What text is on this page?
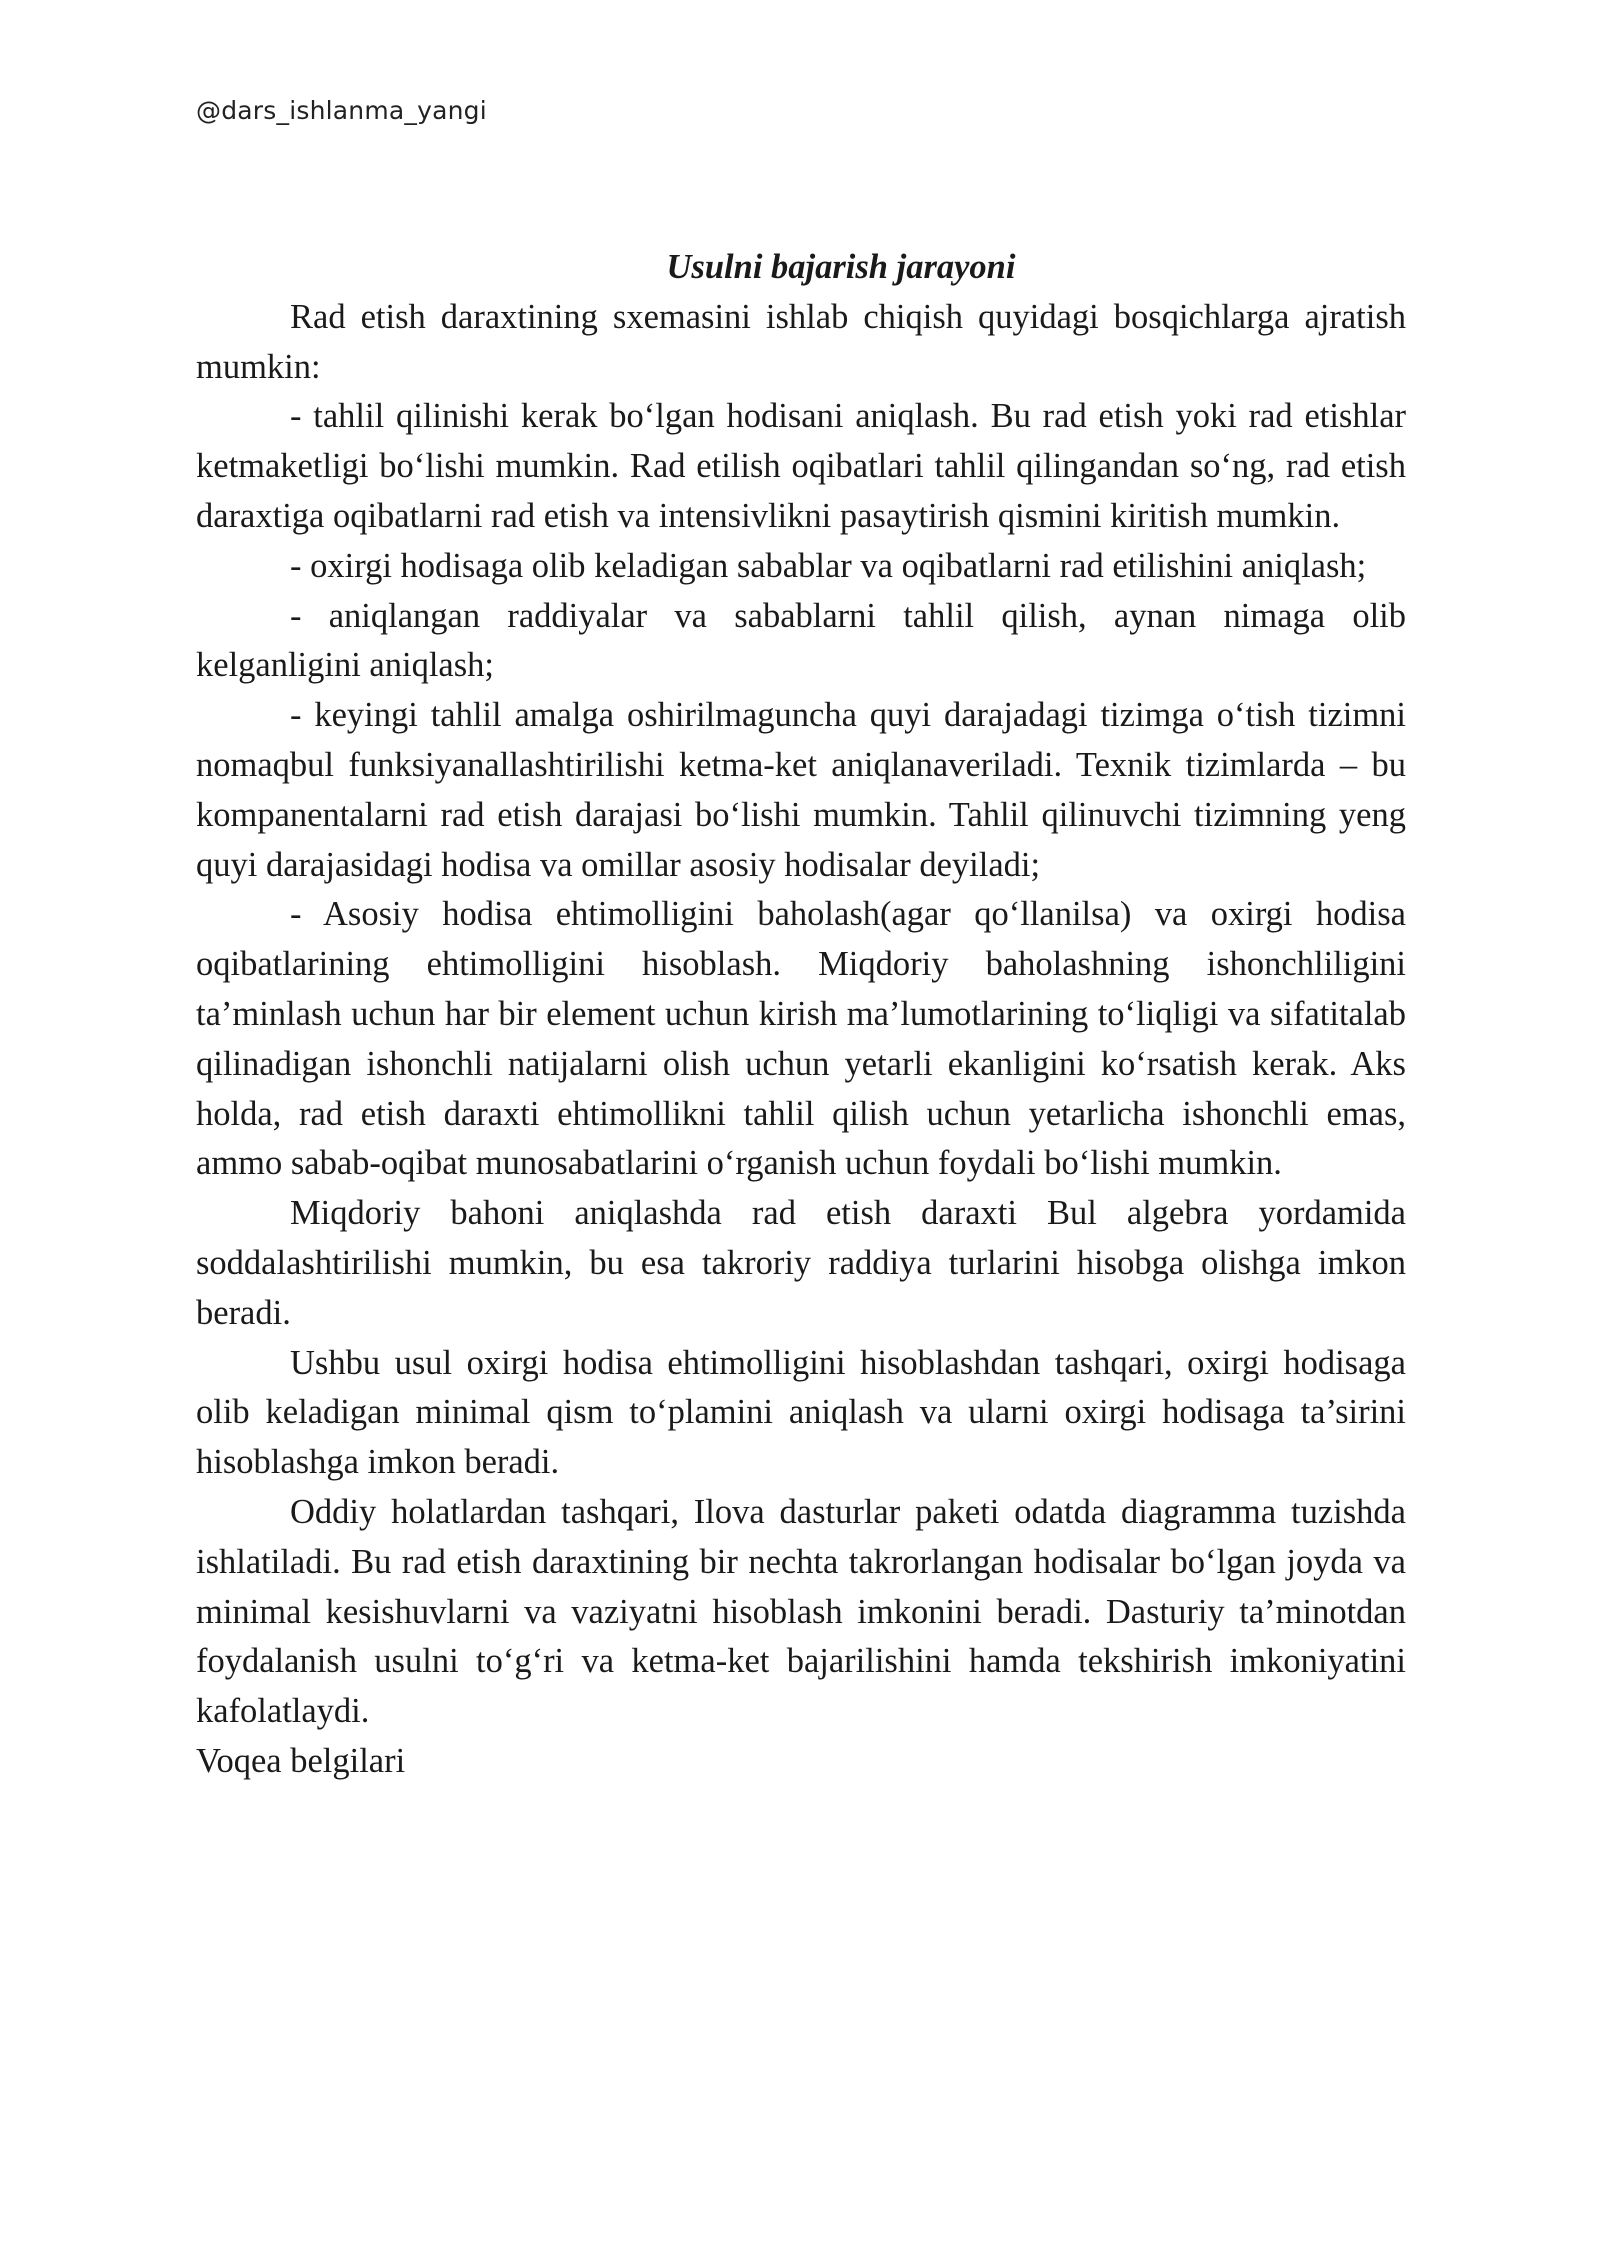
@dars_ishlanma_yangi

Usulni bajarish jarayoni

Rad etish daraxtining sxemasini ishlab chiqish quyidagi bosqichlarga ajratish mumkin:

- tahlil qilinishi kerak bo‘lgan hodisani aniqlash. Bu rad etish yoki rad etishlar ketmaketligi bo‘lishi mumkin. Rad etilish oqibatlari tahlil qilingandan so‘ng, rad etish daraxtiga oqibatlarni rad etish va intensivlikni pasaytirish qismini kiritish mumkin.

- oxirgi hodisaga olib keladigan sabablar va oqibatlarni rad etilishini aniqlash;

- aniqlangan raddiyalar va sabablarni tahlil qilish, aynan nimaga olib kelganligini aniqlash;

- keyingi tahlil amalga oshirilmaguncha quyi darajadagi tizimga o‘tish tizimni nomaqbul funksiyanallashtirilishi ketma-ket aniqlanaveriladi. Texnik tizimlarda – bu kompanentalarni rad etish darajasi bo‘lishi mumkin. Tahlil qilinuvchi tizimning yeng quyi darajasidagi hodisa va omillar asosiy hodisalar deyiladi;

- Asosiy hodisa ehtimolligini baholash(agar qo‘llanilsa) va oxirgi hodisa oqibatlarining ehtimolligini hisoblash. Miqdoriy baholashning ishonchliligini ta’minlash uchun har bir element uchun kirish ma’lumotlarining to‘liqligi va sifatitalab qilinadigan ishonchli natijalarni olish uchun yetarli ekanligini ko‘rsatish kerak. Aks holda, rad etish daraxti ehtimollikni tahlil qilish uchun yetarlicha ishonchli emas, ammo sabab-oqibat munosabatlarini o‘rganish uchun foydali bo‘lishi mumkin.

Miqdoriy bahoni aniqlashda rad etish daraxti Bul algebra yordamida soddalashtirilishi mumkin, bu esa takroriy raddiya turlarini hisobga olishga imkon beradi.

Ushbu usul oxirgi hodisa ehtimolligini hisoblashdan tashqari, oxirgi hodisaga olib keladigan minimal qism to‘plamini aniqlash va ularni oxirgi hodisaga ta’sirini hisoblashga imkon beradi.

Oddiy holatlardan tashqari, Ilova dasturlar paketi odatda diagramma tuzishda ishlatiladi. Bu rad etish daraxtining bir nechta takrorlangan hodisalar bo‘lgan joyda va minimal kesishuvlarni va vaziyatni hisoblash imkonini beradi. Dasturiy ta’minotdan foydalanish usulni to‘g‘ri va ketma-ket bajarilishini hamda tekshirish imkoniyatini kafolatlaydi.

Voqea belgilari
